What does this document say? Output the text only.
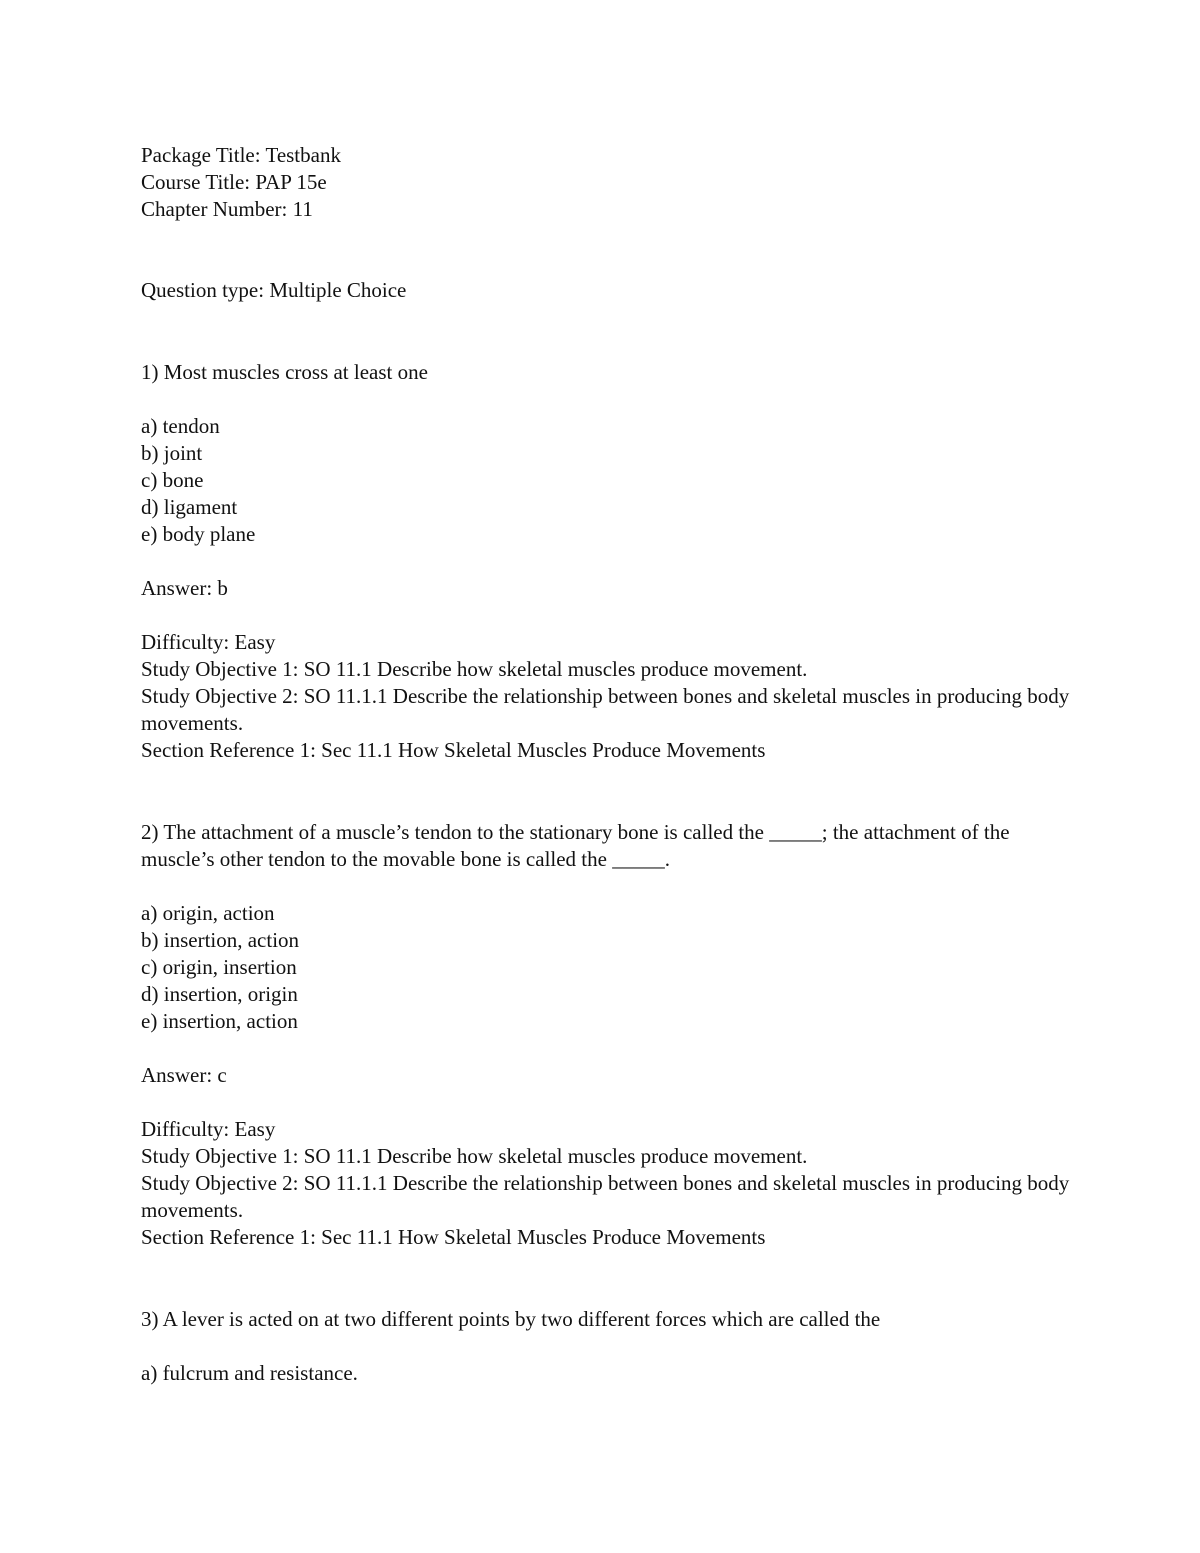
Package Title: Testbank
Course Title: PAP 15e
Chapter Number: 11
Question type: Multiple Choice
1) Most muscles cross at least one
a) tendon
b) joint
c) bone
d) ligament
e) body plane
Answer: b
Difficulty: Easy
Study Objective 1: SO 11.1 Describe how skeletal muscles produce movement.
Study Objective 2: SO 11.1.1 Describe the relationship between bones and skeletal muscles in producing body movements.
Section Reference 1: Sec 11.1 How Skeletal Muscles Produce Movements
2) The attachment of a muscle’s tendon to the stationary bone is called the _____; the attachment of the muscle’s other tendon to the movable bone is called the _____.
a) origin, action
b) insertion, action
c) origin, insertion
d) insertion, origin
e) insertion, action
Answer: c
Difficulty: Easy
Study Objective 1: SO 11.1 Describe how skeletal muscles produce movement.
Study Objective 2: SO 11.1.1 Describe the relationship between bones and skeletal muscles in producing body movements.
Section Reference 1: Sec 11.1 How Skeletal Muscles Produce Movements
3) A lever is acted on at two different points by two different forces which are called the
a) fulcrum and resistance.
